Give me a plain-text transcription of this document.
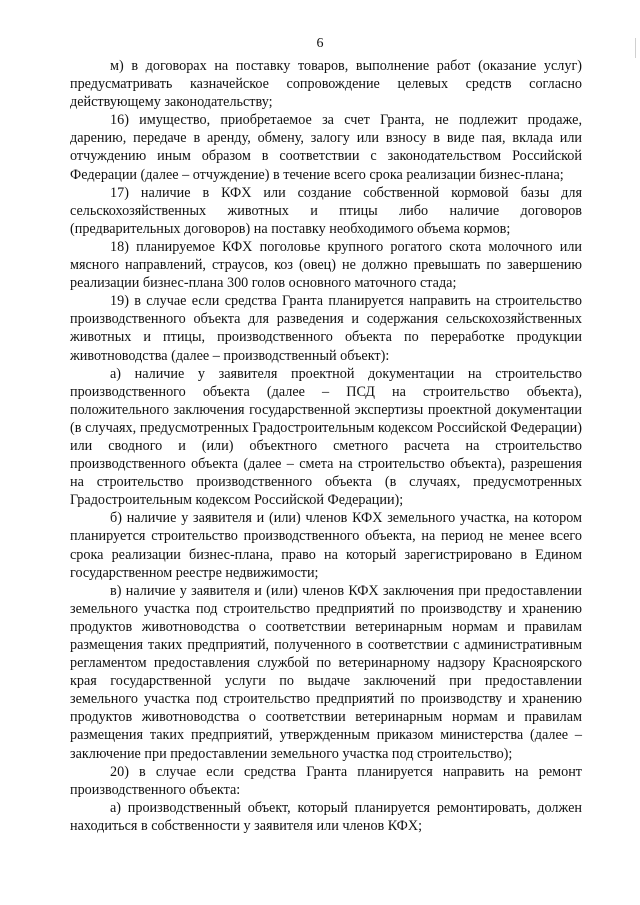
6

м) в договорах на поставку товаров, выполнение работ (оказание услуг) предусматривать казначейское сопровождение целевых средств согласно действующему законодательству;

16) имущество, приобретаемое за счет Гранта, не подлежит продаже, дарению, передаче в аренду, обмену, залогу или взносу в виде пая, вклада или отчуждению иным образом в соответствии с законодательством Российской Федерации (далее – отчуждение) в течение всего срока реализации бизнес-плана;

17) наличие в КФХ или создание собственной кормовой базы для сельскохозяйственных животных и птицы либо наличие договоров (предварительных договоров) на поставку необходимого объема кормов;

18) планируемое КФХ поголовье крупного рогатого скота молочного или мясного направлений, страусов, коз (овец) не должно превышать по завершению реализации бизнес-плана 300 голов основного маточного стада;

19) в случае если средства Гранта планируется направить на строительство производственного объекта для разведения и содержания сельскохозяйственных животных и птицы, производственного объекта по переработке продукции животноводства (далее – производственный объект):

а) наличие у заявителя проектной документации на строительство производственного объекта (далее – ПСД на строительство объекта), положительного заключения государственной экспертизы проектной документации (в случаях, предусмотренных Градостроительным кодексом Российской Федерации) или сводного и (или) объектного сметного расчета на строительство производственного объекта (далее – смета на строительство объекта), разрешения на строительство производственного объекта (в случаях, предусмотренных Градостроительным кодексом Российской Федерации);

б) наличие у заявителя и (или) членов КФХ земельного участка, на котором планируется строительство производственного объекта, на период не менее всего срока реализации бизнес-плана, право на который зарегистрировано в Едином государственном реестре недвижимости;

в) наличие у заявителя и (или) членов КФХ заключения при предоставлении земельного участка под строительство предприятий по производству и хранению продуктов животноводства о соответствии ветеринарным нормам и правилам размещения таких предприятий, полученного в соответствии с административным регламентом предоставления службой по ветеринарному надзору Красноярского края государственной услуги по выдаче заключений при предоставлении земельного участка под строительство предприятий по производству и хранению продуктов животноводства о соответствии ветеринарным нормам и правилам размещения таких предприятий, утвержденным приказом министерства (далее – заключение при предоставлении земельного участка под строительство);

20) в случае если средства Гранта планируется направить на ремонт производственного объекта:

а) производственный объект, который планируется ремонтировать, должен находиться в собственности у заявителя или членов КФХ;
